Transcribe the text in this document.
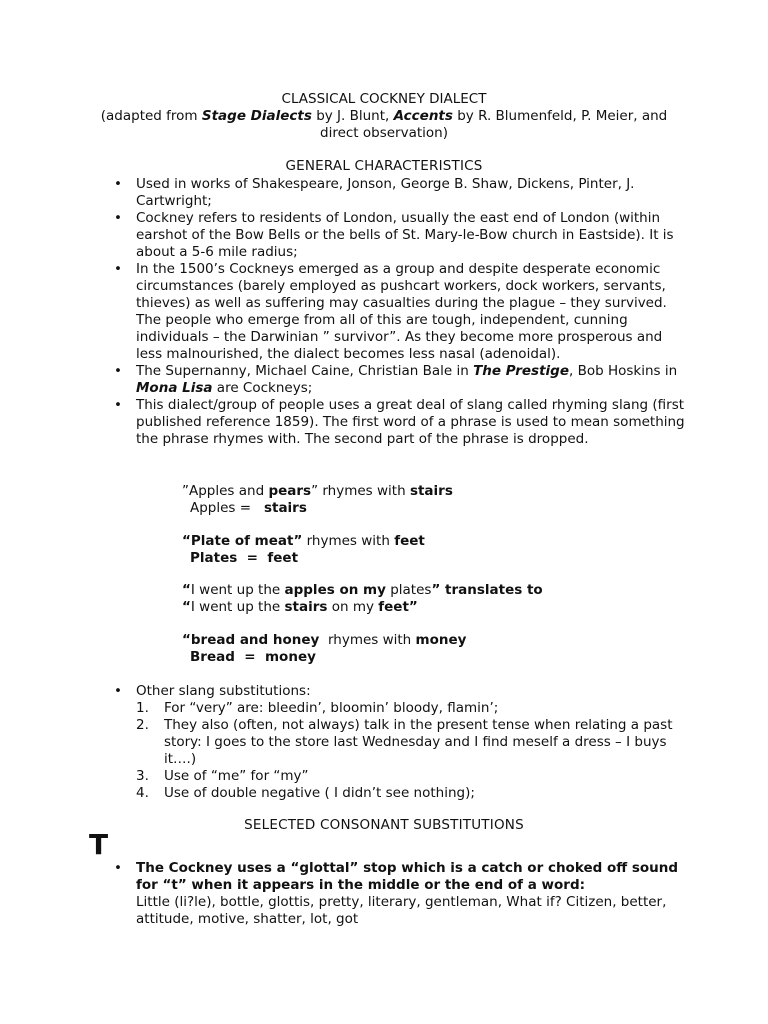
CLASSICAL COCKNEY DIALECT
(adapted from Stage Dialects by J. Blunt, Accents by R. Blumenfeld, P. Meier, and direct observation)
GENERAL CHARACTERISTICS
• Used in works of Shakespeare, Jonson, George B. Shaw, Dickens, Pinter, J. Cartwright;
• Cockney refers to residents of London, usually the east end of London (within earshot of the Bow Bells or the bells of St. Mary-le-Bow church in Eastside). It is about a 5-6 mile radius;
• In the 1500’s Cockneys emerged as a group and despite desperate economic circumstances (barely employed as pushcart workers, dock workers, servants, thieves) as well as suffering may casualties during the plague – they survived. The people who emerge from all of this are tough, independent, cunning individuals – the Darwinian ” survivor”. As they become more prosperous and less malnourished, the dialect becomes less nasal (adenoidal).
• The Supernanny, Michael Caine, Christian Bale in The Prestige, Bob Hoskins in Mona Lisa are Cockneys;
• This dialect/group of people uses a great deal of slang called rhyming slang (first published reference 1859). The first word of a phrase is used to mean something the phrase rhymes with. The second part of the phrase is dropped.
”Apples and pears” rhymes with stairs
Apples =   stairs
“Plate of meat” rhymes with feet
Plates  =  feet
“I went up the apples on my plates” translates to
“I went up the stairs on my feet”
“bread and honey  rhymes with money
Bread  =  money
• Other slang substitutions:
1. For “very” are: bleedin’, bloomin’ bloody, flamin’;
2. They also (often, not always) talk in the present tense when relating a past story: I goes to the store last Wednesday and I find meself a dress – I buys it….)
3. Use of “me” for “my”
4. Use of double negative ( I didn’t see nothing);
SELECTED CONSONANT SUBSTITUTIONS
T
• The Cockney uses a “glottal” stop which is a catch or choked off sound for “t” when it appears in the middle or the end of a word:
Little (li?le), bottle, glottis, pretty, literary, gentleman, What if? Citizen, better, attitude, motive, shatter, lot, got
